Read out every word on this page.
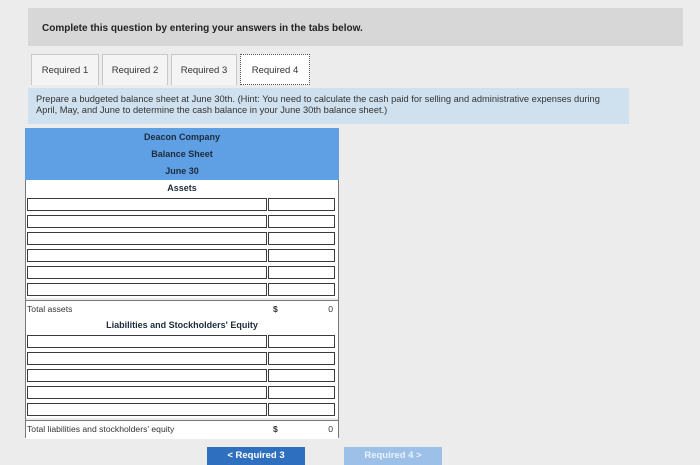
Complete this question by entering your answers in the tabs below.
Required 1	Required 2	Required 3	Required 4
Prepare a budgeted balance sheet at June 30th. (Hint: You need to calculate the cash paid for selling and administrative expenses during April, May, and June to determine the cash balance in your June 30th balance sheet.)
Deacon Company
Balance Sheet
June 30
Assets
Total assets	$	0
Liabilities and Stockholders' Equity
Total liabilities and stockholders' equity	$	0
< Required 3	Required 4 >
